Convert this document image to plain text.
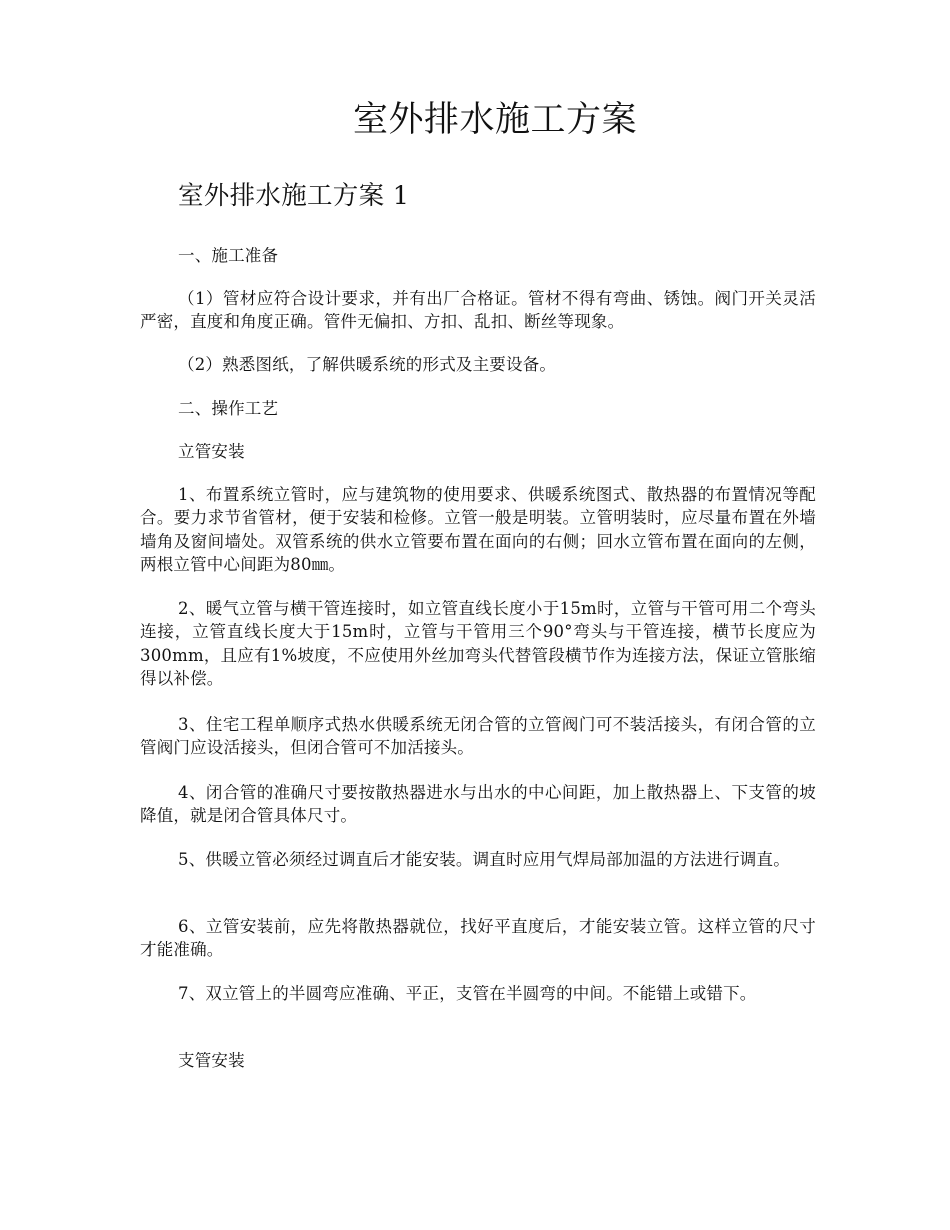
室外排水施工方案
室外排水施工方案 1

一、施工准备

（1）管材应符合设计要求，并有出厂合格证。管材不得有弯曲、锈蚀。阀门开关灵活严密，直度和角度正确。管件无偏扣、方扣、乱扣、断丝等现象。

（2）熟悉图纸，了解供暖系统的形式及主要设备。

二、操作工艺

立管安装

1、布置系统立管时，应与建筑物的使用要求、供暖系统图式、散热器的布置情况等配合。要力求节省管材，便于安装和检修。立管一般是明装。立管明装时，应尽量布置在外墙墙角及窗间墙处。双管系统的供水立管要布置在面向的右侧；回水立管布置在面向的左侧，两根立管中心间距为80㎜。

2、暖气立管与横干管连接时，如立管直线长度小于15m时，立管与干管可用二个弯头连接，立管直线长度大于15m时，立管与干管用三个90°弯头与干管连接，横节长度应为300mm，且应有1%坡度，不应使用外丝加弯头代替管段横节作为连接方法，保证立管胀缩得以补偿。

3、住宅工程单顺序式热水供暖系统无闭合管的立管阀门可不装活接头，有闭合管的立管阀门应设活接头，但闭合管可不加活接头。

4、闭合管的准确尺寸要按散热器进水与出水的中心间距，加上散热器上、下支管的坡降值，就是闭合管具体尺寸。

5、供暖立管必须经过调直后才能安装。调直时应用气焊局部加温的方法进行调直。

6、立管安装前，应先将散热器就位，找好平直度后，才能安装立管。这样立管的尺寸才能准确。

7、双立管上的半圆弯应准确、平正，支管在半圆弯的中间。不能错上或错下。

支管安装
